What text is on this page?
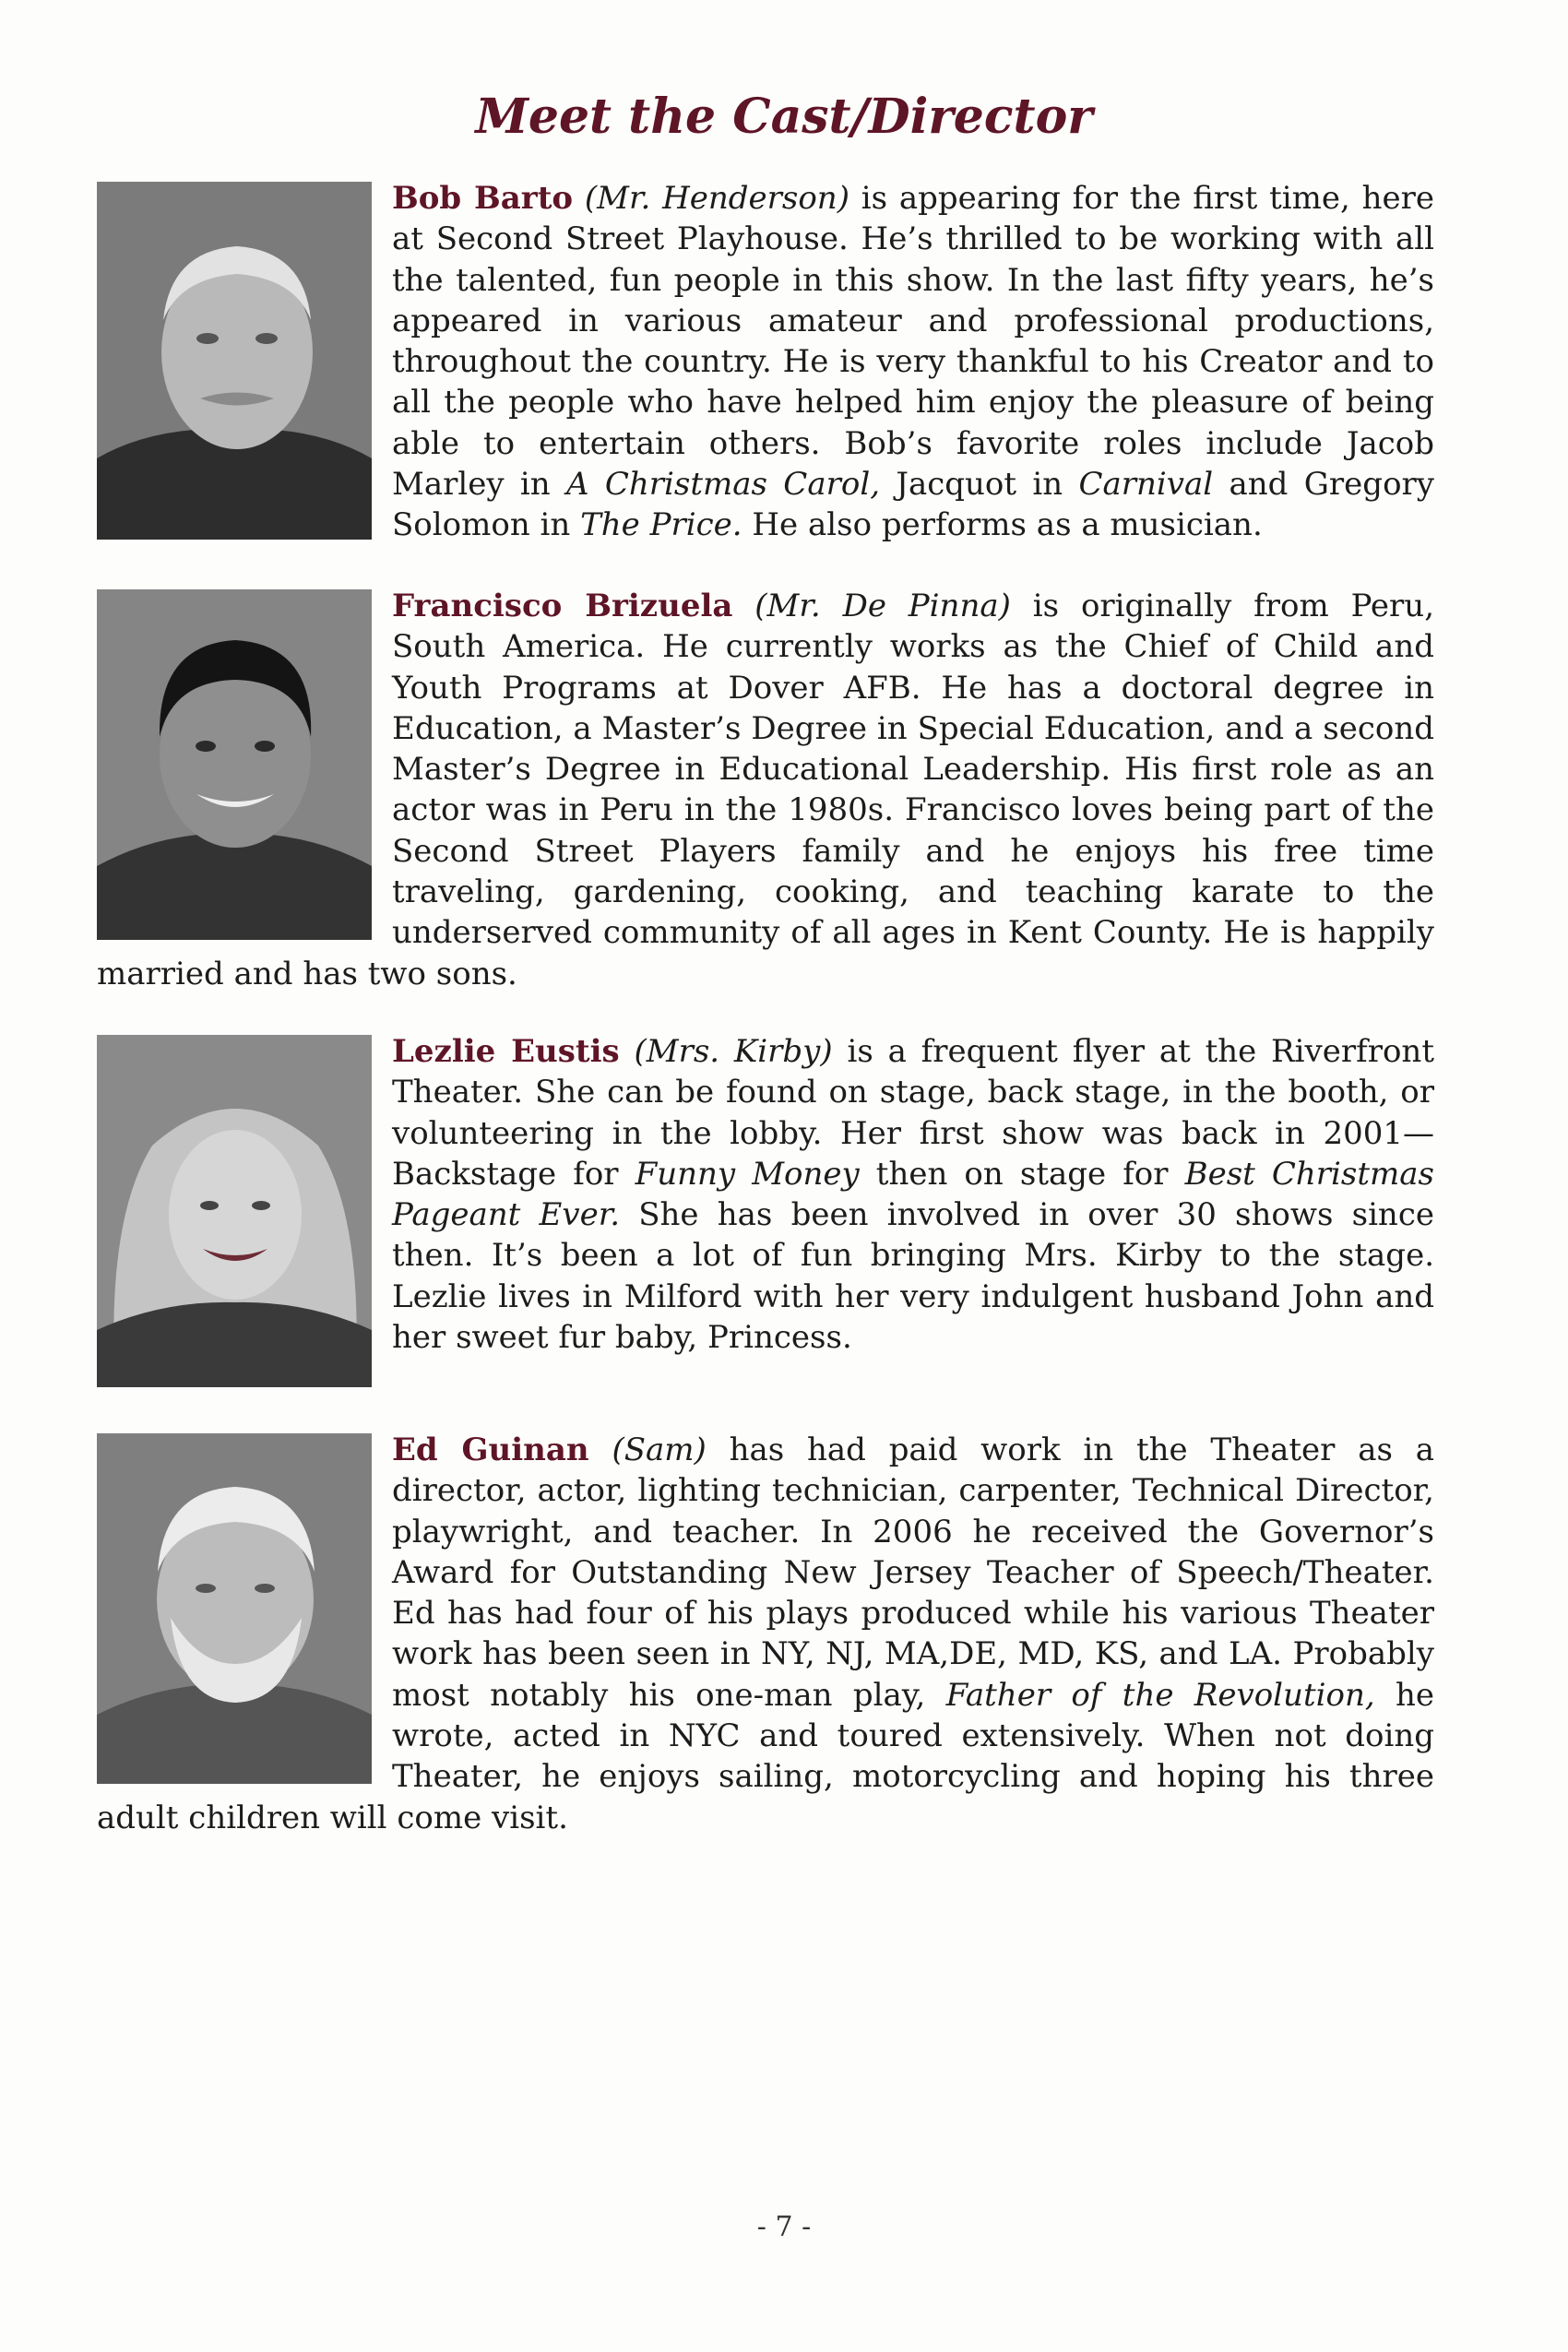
Meet the Cast/Director
Bob Barto (Mr. Henderson) is appearing for the first time, here at Second Street Playhouse. He’s thrilled to be working with all the talented, fun people in this show. In the last fifty years, he’s appeared in various amateur and professional productions, throughout the country. He is very thankful to his Creator and to all the people who have helped him enjoy the pleasure of being able to entertain others. Bob’s favorite roles include Jacob Marley in A Christmas Carol, Jacquot in Carnival and Gregory Solomon in The Price. He also performs as a musician.
Francisco Brizuela (Mr. De Pinna) is originally from Peru, South America. He currently works as the Chief of Child and Youth Programs at Dover AFB. He has a doctoral degree in Education, a Master’s Degree in Special Education, and a second Master’s Degree in Educational Leadership. His first role as an actor was in Peru in the 1980s. Francisco loves being part of the Second Street Players family and he enjoys his free time traveling, gardening, cooking, and teaching karate to the underserved community of all ages in Kent County. He is happily married and has two sons.
Lezlie Eustis (Mrs. Kirby) is a frequent flyer at the Riverfront Theater. She can be found on stage, back stage, in the booth, or volunteering in the lobby. Her first show was back in 2001—Backstage for Funny Money then on stage for Best Christmas Pageant Ever. She has been involved in over 30 shows since then. It’s been a lot of fun bringing Mrs. Kirby to the stage. Lezlie lives in Milford with her very indulgent husband John and her sweet fur baby, Princess.
Ed Guinan (Sam) has had paid work in the Theater as a director, actor, lighting technician, carpenter, Technical Director, playwright, and teacher. In 2006 he received the Governor’s Award for Outstanding New Jersey Teacher of Speech/Theater. Ed has had four of his plays produced while his various Theater work has been seen in NY, NJ, MA,DE, MD, KS, and LA. Probably most notably his one-man play, Father of the Revolution, he wrote, acted in NYC and toured extensively. When not doing Theater, he enjoys sailing, motorcycling and hoping his three adult children will come visit.

- 7 -
